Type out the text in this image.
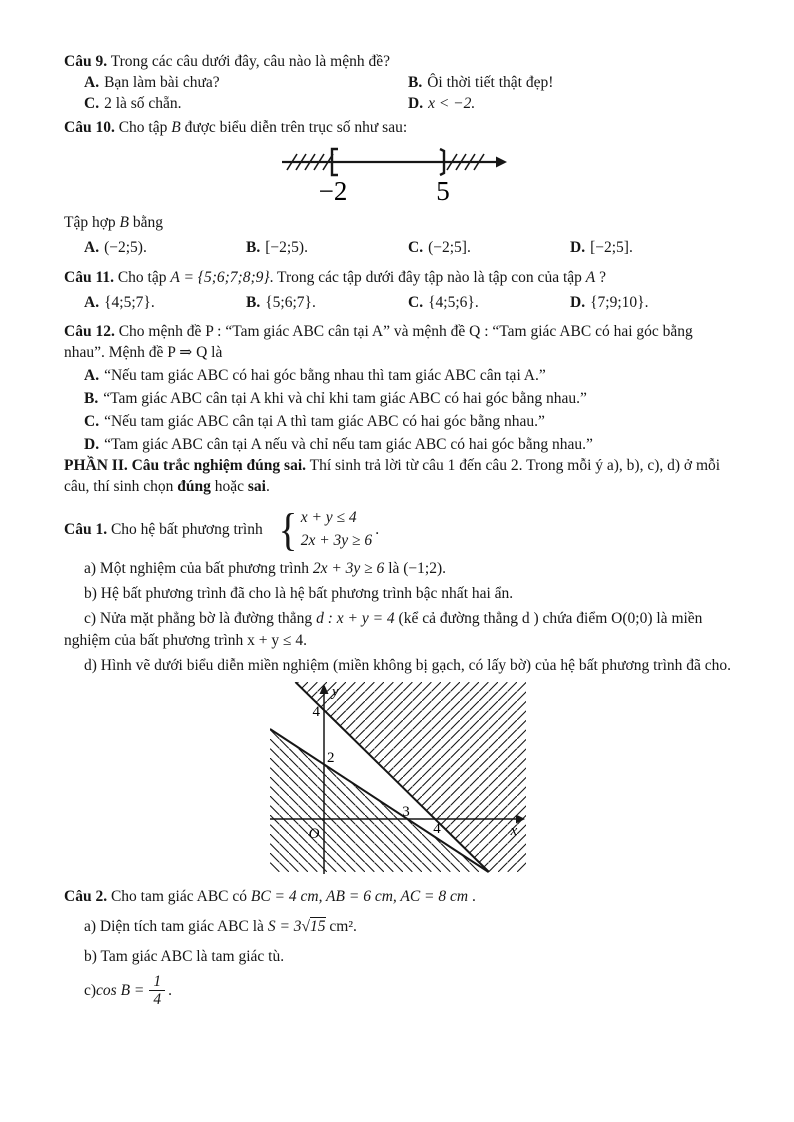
Câu 9. Trong các câu dưới đây, câu nào là mệnh đề?

A. Bạn làm bài chưa?	B. Ôi thời tiết thật đẹp!
C. 2 là số chẵn.	D. x < −2.

Câu 10. Cho tập B được biểu diễn trên trục số như sau:

−2	5

Tập hợp B bằng

A. (−2;5).	B. [−2;5).	C. (−2;5].	D. [−2;5].

Câu 11. Cho tập A = {5;6;7;8;9}. Trong các tập dưới đây tập nào là tập con của tập A ?

A. {4;5;7}.	B. {5;6;7}.	C. {4;5;6}.	D. {7;9;10}.

Câu 12. Cho mệnh đề P : “Tam giác ABC cân tại A” và mệnh đề Q : “Tam giác ABC có hai góc bằng nhau”. Mệnh đề P ⇒ Q là

A. “Nếu tam giác ABC có hai góc bằng nhau thì tam giác ABC cân tại A.”

B. “Tam giác ABC cân tại A khi và chỉ khi tam giác ABC có hai góc bằng nhau.”

C. “Nếu tam giác ABC cân tại A thì tam giác ABC có hai góc bằng nhau.”

D. “Tam giác ABC cân tại A nếu và chỉ nếu tam giác ABC có hai góc bằng nhau.”

PHẦN II. Câu trắc nghiệm đúng sai. Thí sinh trả lời từ câu 1 đến câu 2. Trong mỗi ý a), b), c), d) ở mỗi câu, thí sinh chọn đúng hoặc sai.

Câu 1. Cho hệ bất phương trình { x + y ≤ 4
2x + 3y ≥ 6
.

a) Một nghiệm của bất phương trình 2x + 3y ≥ 6 là (−1;2).

b) Hệ bất phương trình đã cho là hệ bất phương trình bậc nhất hai ẩn.

c) Nửa mặt phẳng bờ là đường thẳng d : x + y = 4 (kể cả đường thẳng d ) chứa điểm O(0;0) là miền nghiệm của bất phương trình x + y ≤ 4.

d) Hình vẽ dưới biểu diễn miền nghiệm (miền không bị gạch, có lấy bờ) của hệ bất phương trình đã cho.

4
2
3
4
O	x
y

Câu 2. Cho tam giác ABC có BC = 4 cm, AB = 6 cm, AC = 8 cm .

a) Diện tích tam giác ABC là S = 3√15 cm².

b) Tam giác ABC là tam giác tù.

c) $\cos B = \frac{1}{4}$ .
